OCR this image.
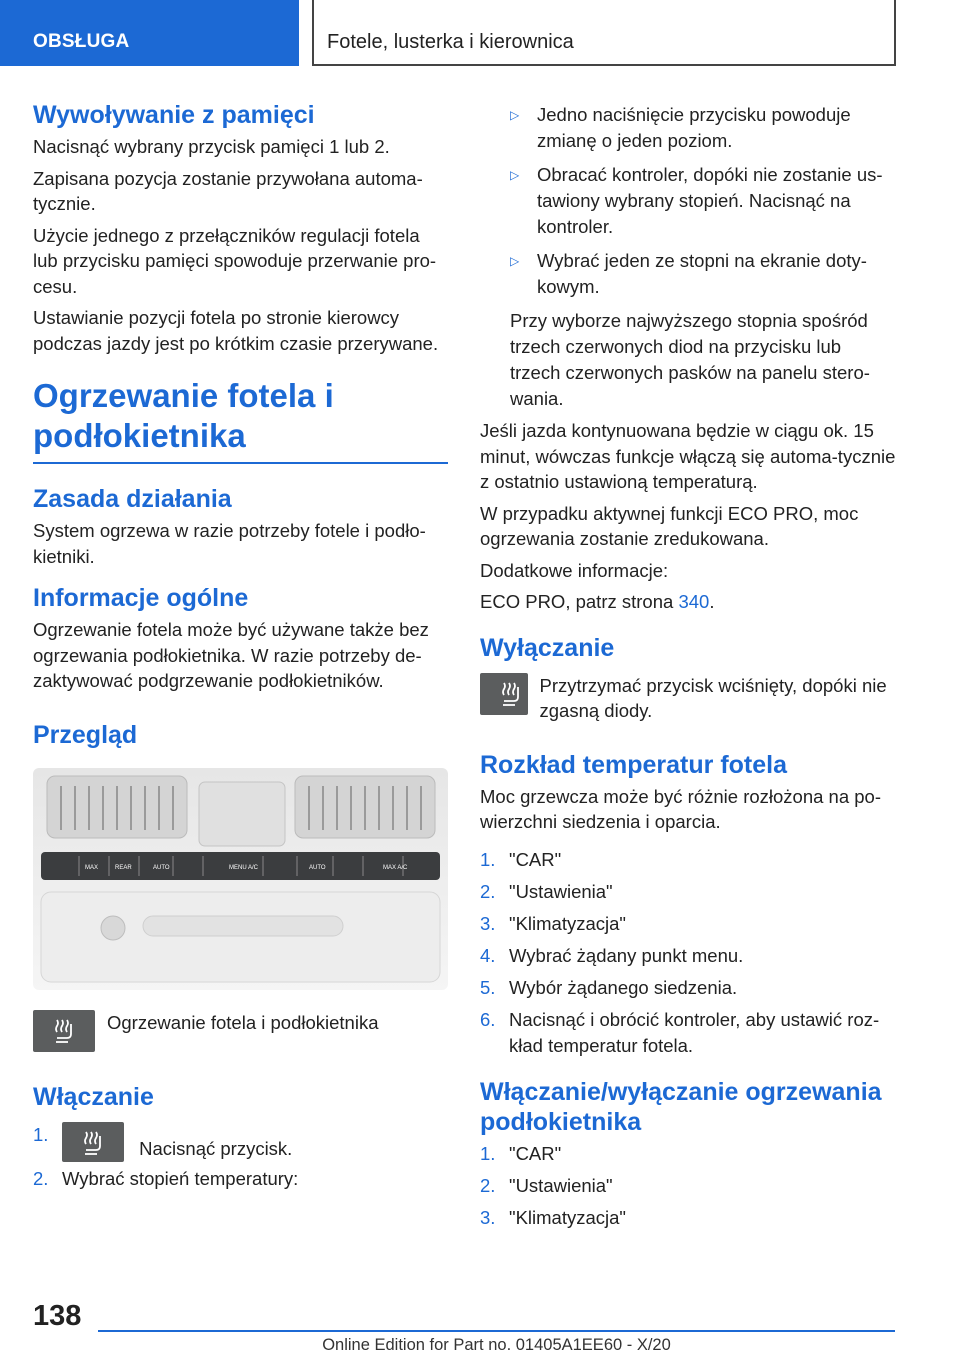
OBSŁUGA	Fotele, lusterka i kierownica
Wywoływanie z pamięci

Nacisnąć wybrany przycisk pamięci 1 lub 2.

Zapisana pozycja zostanie przywołana automa-tycznie.

Użycie jednego z przełączników regulacji fotela lub przycisku pamięci spowoduje przerwanie pro-cesu.

Ustawianie pozycji fotela po stronie kierowcy podczas jazdy jest po krótkim czasie przerywane.

Ogrzewanie fotela i podłokietnika
Zasada działania

System ogrzewa w razie potrzeby fotele i podło-kietniki.

Informacje ogólne

Ogrzewanie fotela może być używane także bez ogrzewania podłokietnika. W razie potrzeby de-zaktywować podgrzewanie podłokietników.

Przegląd
MAX	REAR	AUTO	MENU A/C	AUTO	MAX A/C

Ogrzewanie fotela i podłokietnika

Włączanie
1.
Nacisnąć przycisk.
2. Wybrać stopień temperatury:
▷ Jedno naciśnięcie przycisku powoduje zmianę o jeden poziom.
▷ Obracać kontroler, dopóki nie zostanie us-tawiony wybrany stopień. Nacisnąć na kontroler.
▷ Wybrać jeden ze stopni na ekranie doty-kowym.

Przy wyborze najwyższego stopnia spośród trzech czerwonych diod na przycisku lub trzech czerwonych pasków na panelu stero-wania.

Jeśli jazda kontynuowana będzie w ciągu ok. 15 minut, wówczas funkcje włączą się automa-tycznie z ostatnio ustawioną temperaturą.

W przypadku aktywnej funkcji ECO PRO, moc ogrzewania zostanie zredukowana.

Dodatkowe informacje:

ECO PRO, patrz strona 340.

Wyłączanie

Przytrzymać przycisk wciśnięty, dopóki nie zgasną diody.

Rozkład temperatur fotela

Moc grzewcza może być różnie rozłożona na po-wierzchni siedzenia i oparcia.

1. "CAR"
2. "Ustawienia"
3. "Klimatyzacja"
4. Wybrać żądany punkt menu.
5. Wybór żądanego siedzenia.
6. Nacisnąć i obrócić kontroler, aby ustawić roz-kład temperatur fotela.
Włączanie/wyłączanie ogrzewania podłokietnika
1. "CAR"
2. "Ustawienia"
3. "Klimatyzacja"
138
Online Edition for Part no. 01405A1EE60 - X/20
